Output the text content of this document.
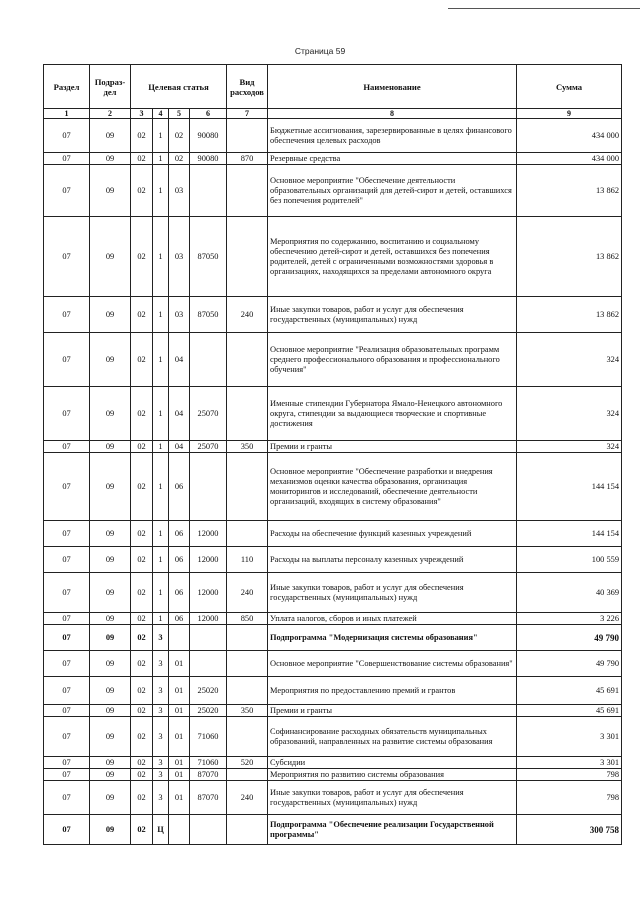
Страница 59
Раздел	Подраз-дел	Целевая статья				Вид расходов	Наименование	Сумма
1	2	3	4	5	6	7	8	9
07	09	02	1	02	90080		Бюджетные ассигнования, зарезервированные в целях финансового обеспечения целевых расходов	434 000
07	09	02	1	02	90080	870	Резервные средства	434 000
07	09	02	1	03			Основное мероприятие "Обеспечение деятельности образовательных организаций для детей-сирот и детей, оставшихся без попечения родителей"	13 862
07	09	02	1	03	87050		Мероприятия по содержанию, воспитанию и социальному обеспечению детей-сирот и детей, оставшихся без попечения родителей, детей с ограниченными возможностями здоровья в организациях, находящихся за пределами автономного округа	13 862
07	09	02	1	03	87050	240	Иные закупки товаров, работ и услуг для обеспечения государственных (муниципальных) нужд	13 862
07	09	02	1	04			Основное мероприятие "Реализация образовательных программ среднего профессионального образования и профессионального обучения"	324
07	09	02	1	04	25070		Именные стипендии Губернатора Ямало-Ненецкого автономного округа, стипендии за выдающиеся творческие и спортивные достижения	324
07	09	02	1	04	25070	350	Премии и гранты	324
07	09	02	1	06			Основное мероприятие "Обеспечение разработки и внедрения механизмов оценки качества образования, организация мониторингов и исследований, обеспечение деятельности организаций, входящих в систему образования"	144 154
07	09	02	1	06	12000		Расходы на обеспечение функций казенных учреждений	144 154
07	09	02	1	06	12000	110	Расходы на выплаты персоналу казенных учреждений	100 559
07	09	02	1	06	12000	240	Иные закупки товаров, работ и услуг для обеспечения государственных (муниципальных) нужд	40 369
07	09	02	1	06	12000	850	Уплата налогов, сборов и иных платежей	3 226
07	09	02	3				Подпрограмма "Модернизация системы образования"	49 790
07	09	02	3	01			Основное мероприятие "Совершенствование системы образования"	49 790
07	09	02	3	01	25020		Мероприятия по предоставлению премий и грантов	45 691
07	09	02	3	01	25020	350	Премии и гранты	45 691
07	09	02	3	01	71060		Софинансирование расходных обязательств муниципальных образований, направленных на развитие системы образования	3 301
07	09	02	3	01	71060	520	Субсидии	3 301
07	09	02	3	01	87070		Мероприятия по развитию системы образования	798
07	09	02	3	01	87070	240	Иные закупки товаров, работ и услуг для обеспечения государственных (муниципальных) нужд	798
07	09	02	Ц				Подпрограмма "Обеспечение реализации Государственной программы"	300 758
